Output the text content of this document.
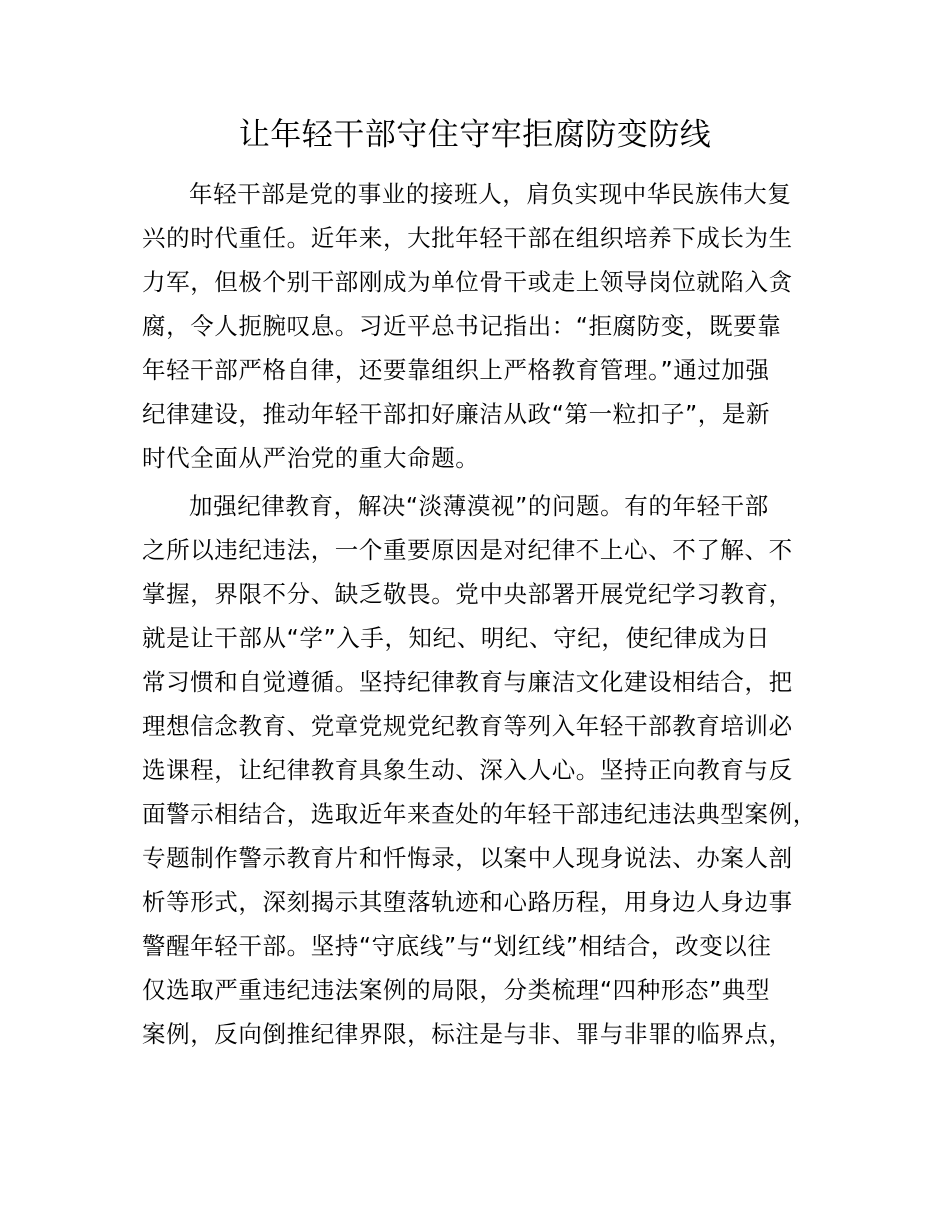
让年轻干部守住守牢拒腐防变防线
年轻干部是党的事业的接班人，肩负实现中华民族伟大复
兴的时代重任。近年来，大批年轻干部在组织培养下成长为生
力军，但极个别干部刚成为单位骨干或走上领导岗位就陷入贪
腐，令人扼腕叹息。习近平总书记指出：“拒腐防变，既要靠
年轻干部严格自律，还要靠组织上严格教育管理。”通过加强
纪律建设，推动年轻干部扣好廉洁从政“第一粒扣子”，是新
时代全面从严治党的重大命题。
加强纪律教育，解决“淡薄漠视”的问题。有的年轻干部
之所以违纪违法，一个重要原因是对纪律不上心、不了解、不
掌握，界限不分、缺乏敬畏。党中央部署开展党纪学习教育，
就是让干部从“学”入手，知纪、明纪、守纪，使纪律成为日
常习惯和自觉遵循。坚持纪律教育与廉洁文化建设相结合，把
理想信念教育、党章党规党纪教育等列入年轻干部教育培训必
选课程，让纪律教育具象生动、深入人心。坚持正向教育与反
面警示相结合，选取近年来查处的年轻干部违纪违法典型案例，
专题制作警示教育片和忏悔录，以案中人现身说法、办案人剖
析等形式，深刻揭示其堕落轨迹和心路历程，用身边人身边事
警醒年轻干部。坚持“守底线”与“划红线”相结合，改变以往
仅选取严重违纪违法案例的局限，分类梳理“四种形态”典型
案例，反向倒推纪律界限，标注是与非、罪与非罪的临界点，
